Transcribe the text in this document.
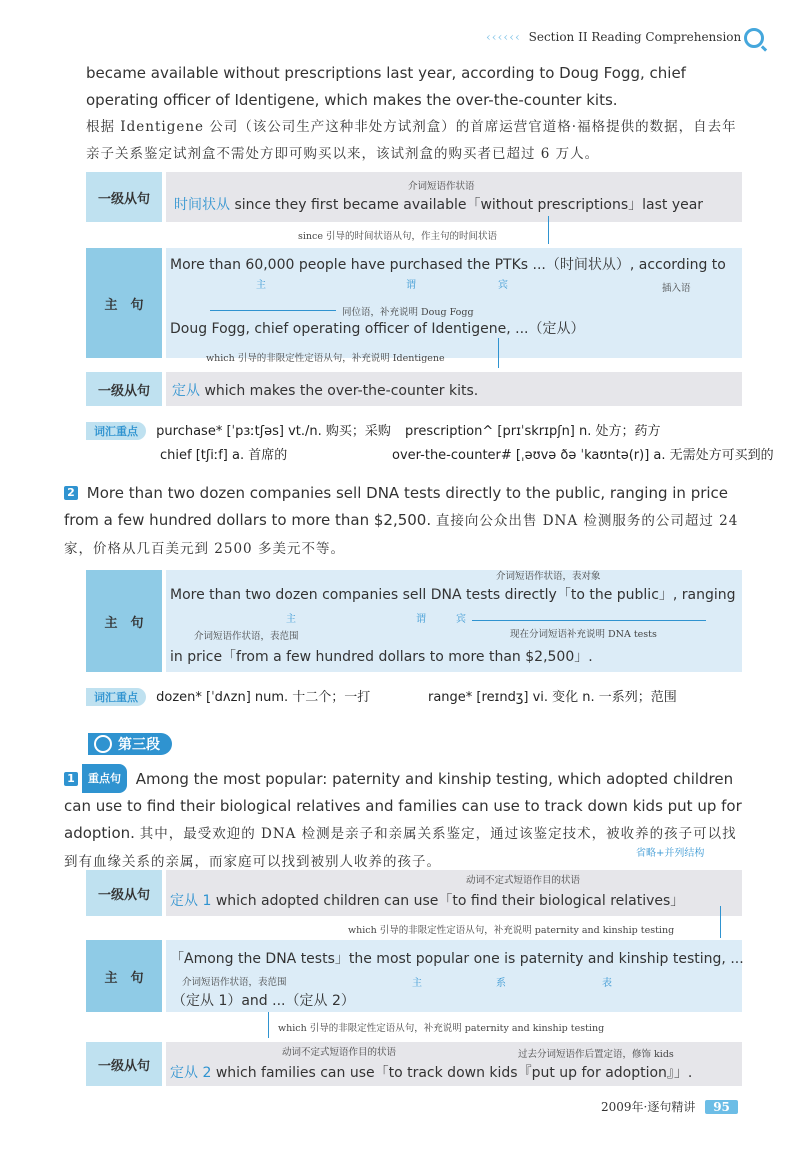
‹‹‹‹‹‹ Section II Reading Comprehension
became available without prescriptions last year, according to Doug Fogg, chief operating officer of Identigene, which makes the over-the-counter kits.
根据 Identigene 公司（该公司生产这种非处方试剂盒）的首席运营官道格·福格提供的数据，自去年亲子关系鉴定试剂盒不需处方即可购买以来，该试剂盒的购买者已超过 6 万人。
一级从句
介词短语作状语
时间状从 since they first became available「without prescriptions」last year
since 引导的时间状语从句，作主句的时间状语
主　句
More than 60,000 people have purchased the PTKs ...（时间状从）, according to
主	谓	宾	插入语
同位语，补充说明 Doug Fogg
Doug Fogg, chief operating officer of Identigene, ...（定从）
which 引导的非限定性定语从句，补充说明 Identigene
一级从句	定从 which makes the over-the-counter kits.
词汇重点 purchase* [ˈpɜːtʃəs] vt./n. 购买；采购 prescription^ [prɪˈskrɪpʃn] n. 处方；药方
chief [tʃiːf] a. 首席的	over-the-counter# [ˌəʊvə ðə ˈkaʊntə(r)] a. 无需处方可买到的
2 More than two dozen companies sell DNA tests directly to the public, ranging in price from a few hundred dollars to more than $2,500. 直接向公众出售 DNA 检测服务的公司超过 24 家，价格从几百美元到 2500 多美元不等。
主　句
介词短语作状语，表对象
More than two dozen companies sell DNA tests directly「to the public」, ranging
主	谓	宾
介词短语作状语，表范围	现在分词短语补充说明 DNA tests
in price「from a few hundred dollars to more than $2,500」.
词汇重点 dozen* [ˈdʌzn] num. 十二个；一打	range* [reɪndʒ] vi. 变化 n. 一系列；范围
第三段
1 重点句 Among the most popular: paternity and kinship testing, which adopted children can use to find their biological relatives and families can use to track down kids put up for adoption. 其中，最受欢迎的 DNA 检测是亲子和亲属关系鉴定，通过该鉴定技术，被收养的孩子可以找到有血缘关系的亲属，而家庭可以找到被别人收养的孩子。
省略+并列结构
一级从句
动词不定式短语作目的状语
定从 1 which adopted children can use「to find their biological relatives」
which 引导的非限定性定语从句，补充说明 paternity and kinship testing
主　句
「Among the DNA tests」the most popular one is paternity and kinship testing, ...
介词短语作状语，表范围	主	系	表
（定从 1）and ...（定从 2）
which 引导的非限定性定语从句，补充说明 paternity and kinship testing
一级从句
动词不定式短语作目的状语	过去分词短语作后置定语，修饰 kids
定从 2 which families can use「to track down kids『put up for adoption』」.
2009年·逐句精讲 95
